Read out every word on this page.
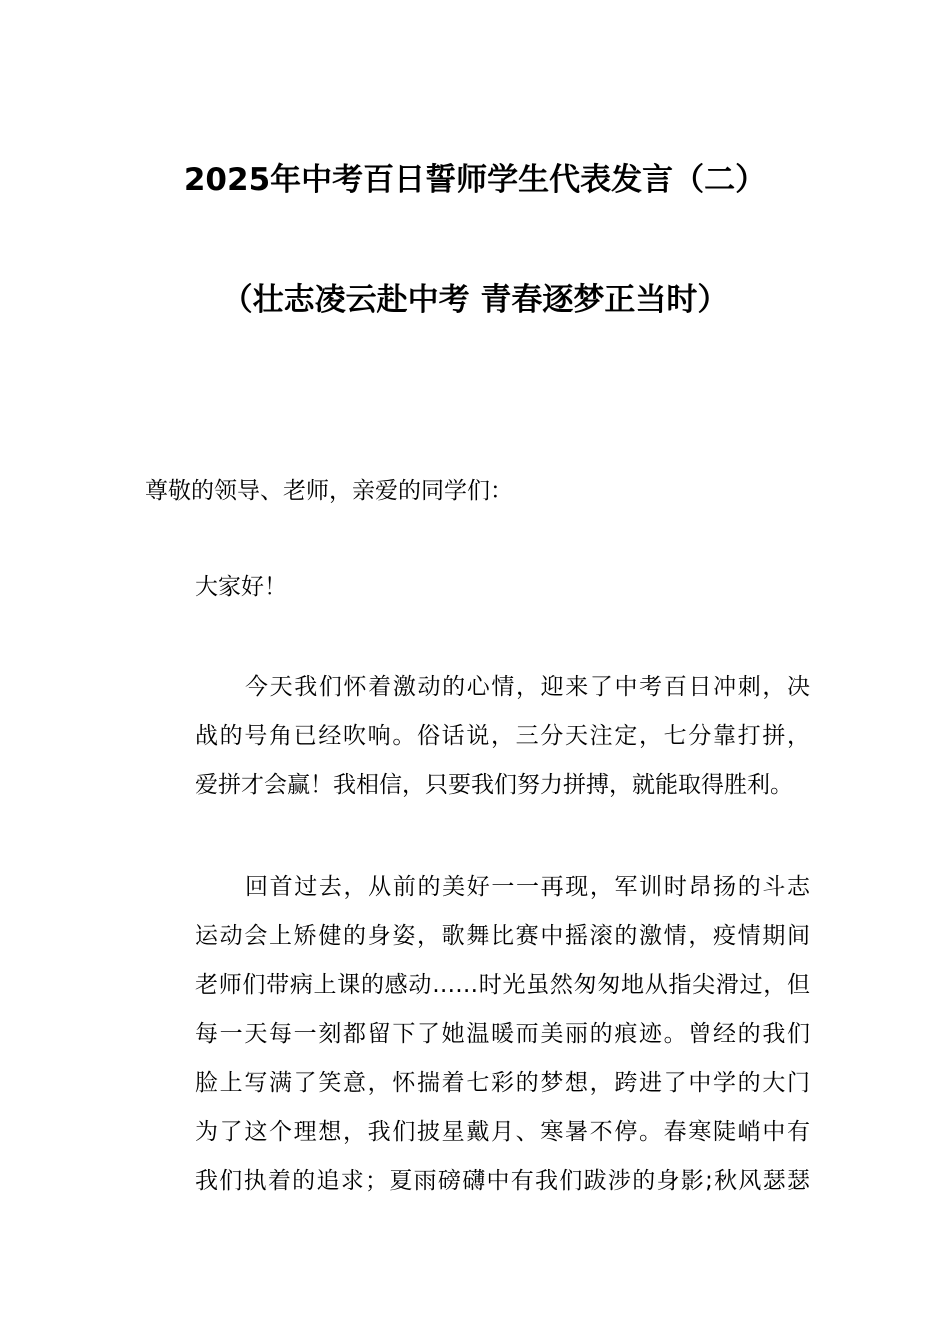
2025年中考百日誓师学生代表发言（二）
（壮志凌云赴中考 青春逐梦正当时）
尊敬的领导、老师，亲爱的同学们：
大家好！
今天我们怀着激动的心情，迎来了中考百日冲刺，决
战的号角已经吹响。俗话说，三分天注定，七分靠打拼，
爱拼才会赢！我相信，只要我们努力拼搏，就能取得胜利。
回首过去，从前的美好一一再现，军训时昂扬的斗志
运动会上矫健的身姿，歌舞比赛中摇滚的激情，疫情期间
老师们带病上课的感动……时光虽然匆匆地从指尖滑过，但
每一天每一刻都留下了她温暖而美丽的痕迹。曾经的我们
脸上写满了笑意，怀揣着七彩的梦想，跨进了中学的大门
为了这个理想，我们披星戴月、寒暑不停。春寒陡峭中有
我们执着的追求；夏雨磅礴中有我们跋涉的身影;秋风瑟瑟
